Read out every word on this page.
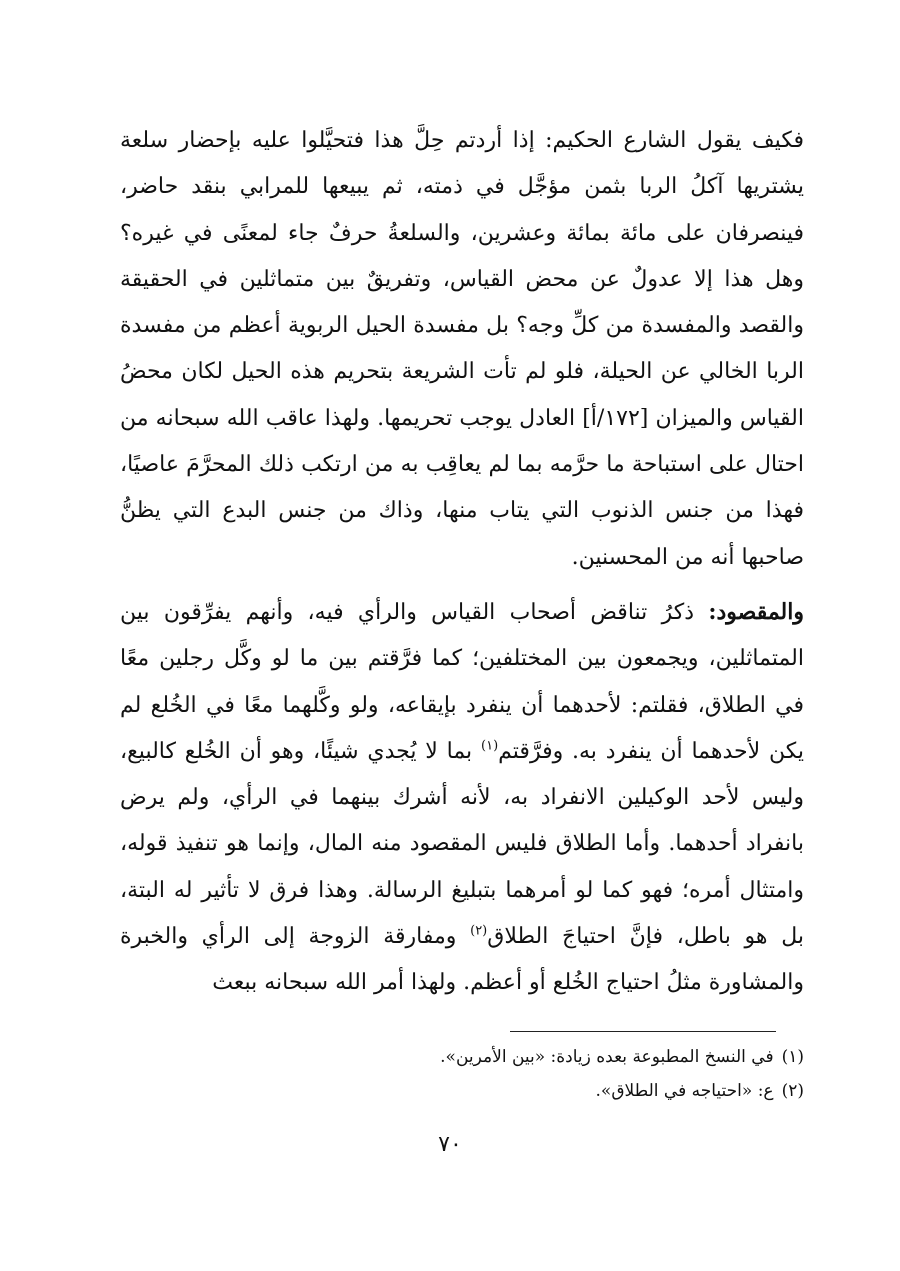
فكيف يقول الشارع الحكيم: إذا أردتم حِلَّ هذا فتحيَّلوا عليه بإحضار سلعة يشتريها آكلُ الربا بثمن مؤجَّل في ذمته، ثم يبيعها للمرابي بنقد حاضر، فينصرفان على مائة بمائة وعشرين، والسلعةُ حرفٌ جاء لمعنًى في غيره؟ وهل هذا إلا عدولٌ عن محض القياس، وتفريقٌ بين متماثلين في الحقيقة والقصد والمفسدة من كلِّ وجه؟ بل مفسدة الحيل الربوية أعظم من مفسدة الربا الخالي عن الحيلة، فلو لم تأت الشريعة بتحريم هذه الحيل لكان محضُ القياس والميزان [١٧٢/أ] العادل يوجب تحريمها. ولهذا عاقب الله سبحانه من احتال على استباحة ما حرَّمه بما لم يعاقِب به من ارتكب ذلك المحرَّمَ عاصيًا، فهذا من جنس الذنوب التي يتاب منها، وذاك من جنس البدع التي يظنُّ صاحبها أنه من المحسنين.

والمقصود: ذكرُ تناقض أصحاب القياس والرأي فيه، وأنهم يفرِّقون بين المتماثلين، ويجمعون بين المختلفين؛ كما فرَّقتم بين ما لو وكَّل رجلين معًا في الطلاق، فقلتم: لأحدهما أن ينفرد بإيقاعه، ولو وكَّلهما معًا في الخُلع لم يكن لأحدهما أن ينفرد به. وفرَّقتم$^{(١)}$ بما لا يُجدي شيئًا، وهو أن الخُلع كالبيع، وليس لأحد الوكيلين الانفراد به، لأنه أشرك بينهما في الرأي، ولم يرض بانفراد أحدهما. وأما الطلاق فليس المقصود منه المال، وإنما هو تنفيذ قوله، وامتثال أمره؛ فهو كما لو أمرهما بتبليغ الرسالة. وهذا فرق لا تأثير له البتة، بل هو باطل، فإنَّ احتياجَ الطلاق$^{(٢)}$ ومفارقة الزوجة إلى الرأي والخبرة والمشاورة مثلُ احتياج الخُلع أو أعظم. ولهذا أمر الله سبحانه ببعث

(١)في النسخ المطبوعة بعده زيادة: «بين الأمرين».

(٢)ع: «احتياجه في الطلاق».

٧٠
